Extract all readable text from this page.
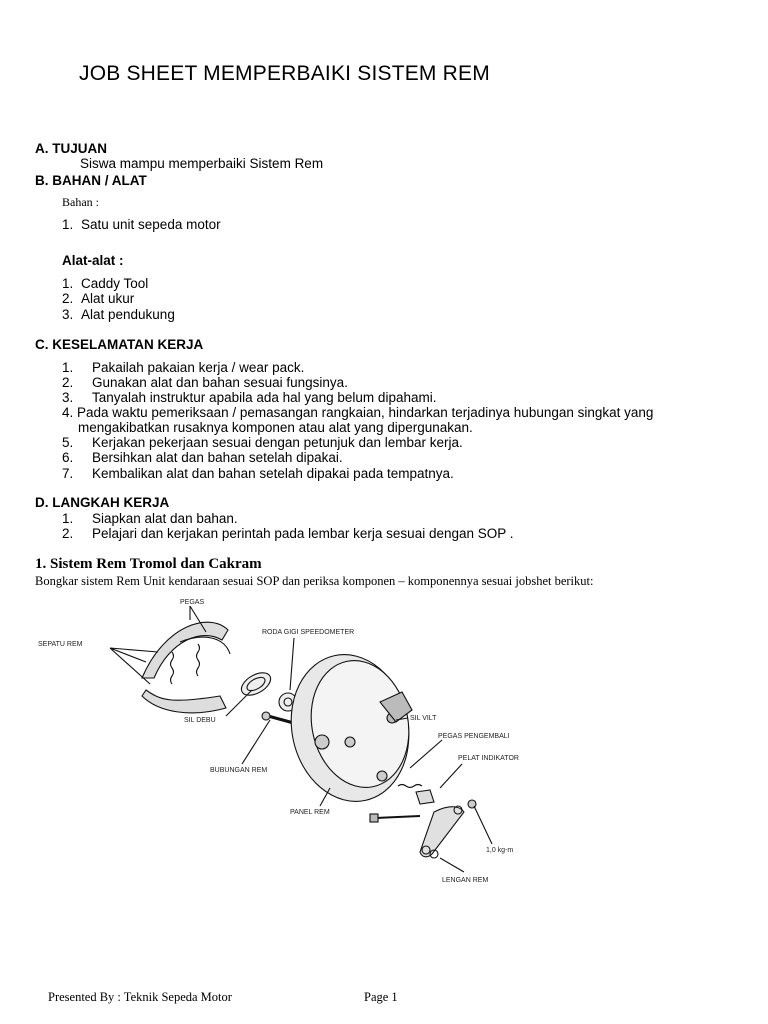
JOB SHEET MEMPERBAIKI SISTEM REM
A. TUJUAN
Siswa mampu memperbaiki Sistem Rem
B. BAHAN / ALAT
Bahan :
1. Satu unit sepeda motor
Alat-alat :
1. Caddy Tool
2. Alat ukur
3. Alat pendukung
C. KESELAMATAN KERJA
1. Pakailah pakaian kerja / wear pack.
2. Gunakan alat dan bahan sesuai fungsinya.
3. Tanyalah instruktur apabila ada hal yang belum dipahami.
4. Pada waktu pemeriksaan / pemasangan rangkaian, hindarkan terjadinya hubungan singkat yang
mengakibatkan rusaknya komponen atau alat yang dipergunakan.
5. Kerjakan pekerjaan sesuai dengan petunjuk dan lembar kerja.
6. Bersihkan alat dan bahan setelah dipakai.
7. Kembalikan alat dan bahan setelah dipakai pada tempatnya.
D. LANGKAH KERJA
1. Siapkan alat dan bahan.
2. Pelajari dan kerjakan perintah pada lembar kerja sesuai dengan SOP .
1. Sistem Rem Tromol dan Cakram
Bongkar sistem Rem Unit kendaraan sesuai SOP dan periksa komponen – komponennya sesuai jobshet berikut:
PEGAS
SEPATU REM
RODA GIGI SPEEDOMETER
SIL DEBU	SIL VILT
PEGAS PENGEMBALI
PELAT INDIKATOR
BUBUNGAN REM
PANEL REM
1,0 kg-m
LENGAN REM
Presented By : Teknik Sepeda Motor	Page 1
